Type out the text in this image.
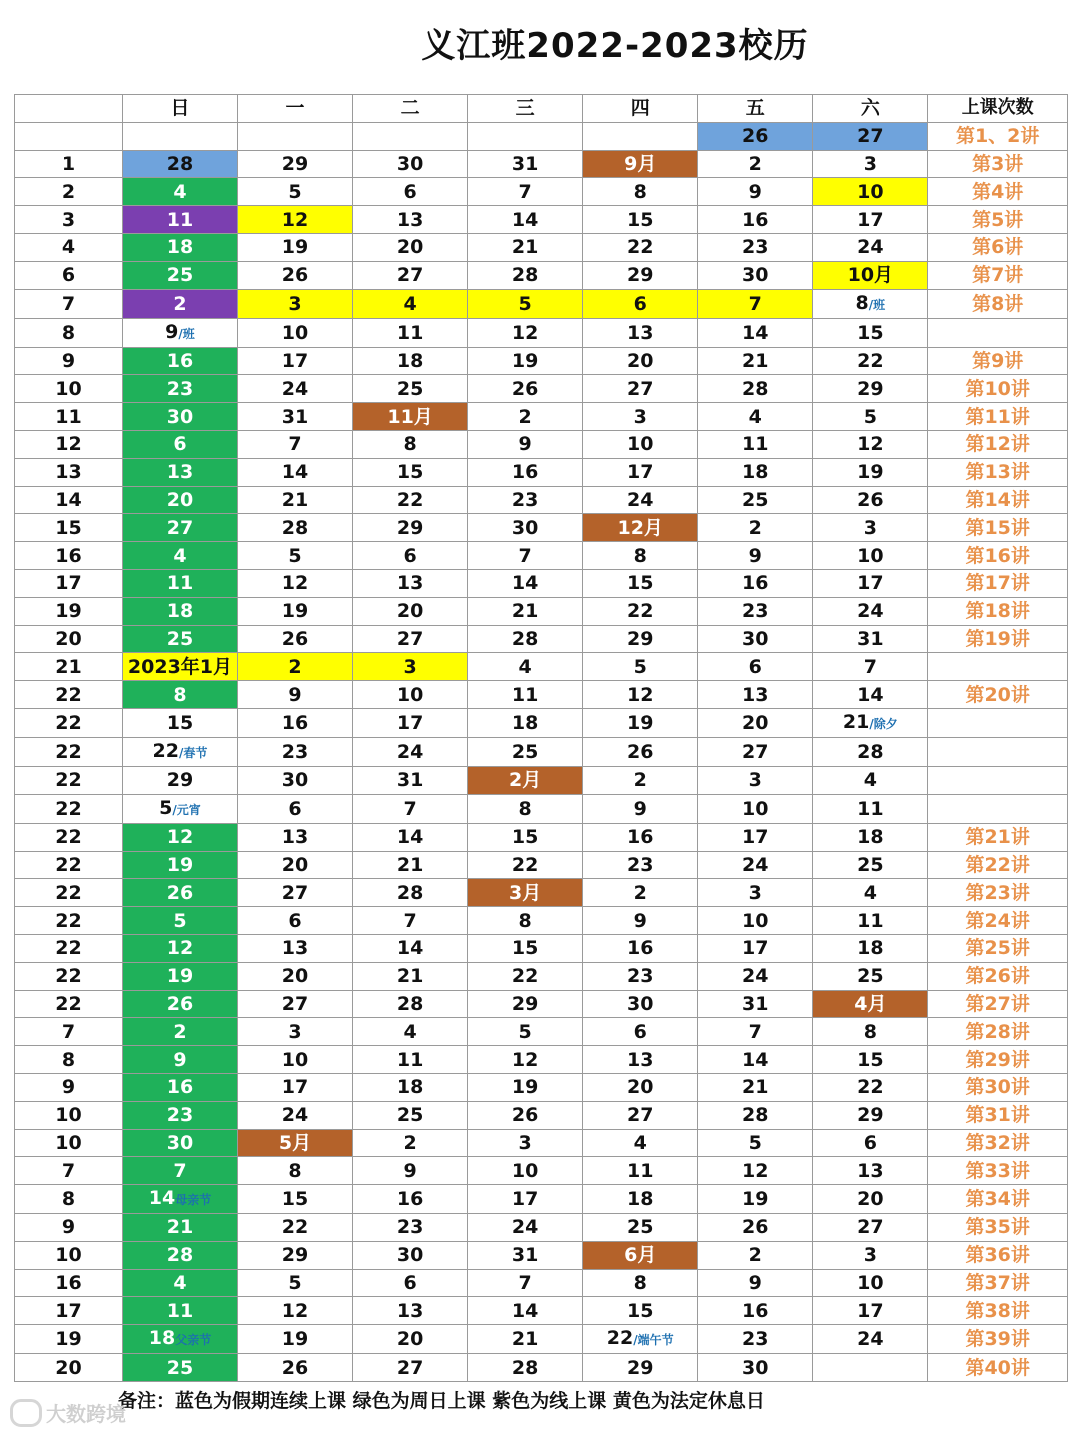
义江班2022-2023校历
	日	一	二	三	四	五	六	上课次数
						26	27	第1、2讲
1	28	29	30	31	9月	2	3	第3讲
2	4	5	6	7	8	9	10	第4讲
3	11	12	13	14	15	16	17	第5讲
4	18	19	20	21	22	23	24	第6讲
6	25	26	27	28	29	30	10月	第7讲
7	2	3	4	5	6	7	8/班	第8讲
8	9/班	10	11	12	13	14	15	
9	16	17	18	19	20	21	22	第9讲
10	23	24	25	26	27	28	29	第10讲
11	30	31	11月	2	3	4	5	第11讲
12	6	7	8	9	10	11	12	第12讲
13	13	14	15	16	17	18	19	第13讲
14	20	21	22	23	24	25	26	第14讲
15	27	28	29	30	12月	2	3	第15讲
16	4	5	6	7	8	9	10	第16讲
17	11	12	13	14	15	16	17	第17讲
19	18	19	20	21	22	23	24	第18讲
20	25	26	27	28	29	30	31	第19讲
21	2023年1月	2	3	4	5	6	7	
22	8	9	10	11	12	13	14	第20讲
22	15	16	17	18	19	20	21/除夕	
22	22/春节	23	24	25	26	27	28	
22	29	30	31	2月	2	3	4	
22	5/元宵	6	7	8	9	10	11	
22	12	13	14	15	16	17	18	第21讲
22	19	20	21	22	23	24	25	第22讲
22	26	27	28	3月	2	3	4	第23讲
22	5	6	7	8	9	10	11	第24讲
22	12	13	14	15	16	17	18	第25讲
22	19	20	21	22	23	24	25	第26讲
22	26	27	28	29	30	31	4月	第27讲
7	2	3	4	5	6	7	8	第28讲
8	9	10	11	12	13	14	15	第29讲
9	16	17	18	19	20	21	22	第30讲
10	23	24	25	26	27	28	29	第31讲
10	30	5月	2	3	4	5	6	第32讲
7	7	8	9	10	11	12	13	第33讲
8	14母亲节	15	16	17	18	19	20	第34讲
9	21	22	23	24	25	26	27	第35讲
10	28	29	30	31	6月	2	3	第36讲
16	4	5	6	7	8	9	10	第37讲
17	11	12	13	14	15	16	17	第38讲
19	18父亲节	19	20	21	22/端午节	23	24	第39讲
20	25	26	27	28	29	30		第40讲
备注：蓝色为假期连续上课 绿色为周日上课 紫色为线上课 黄色为法定休息日
大数跨境
